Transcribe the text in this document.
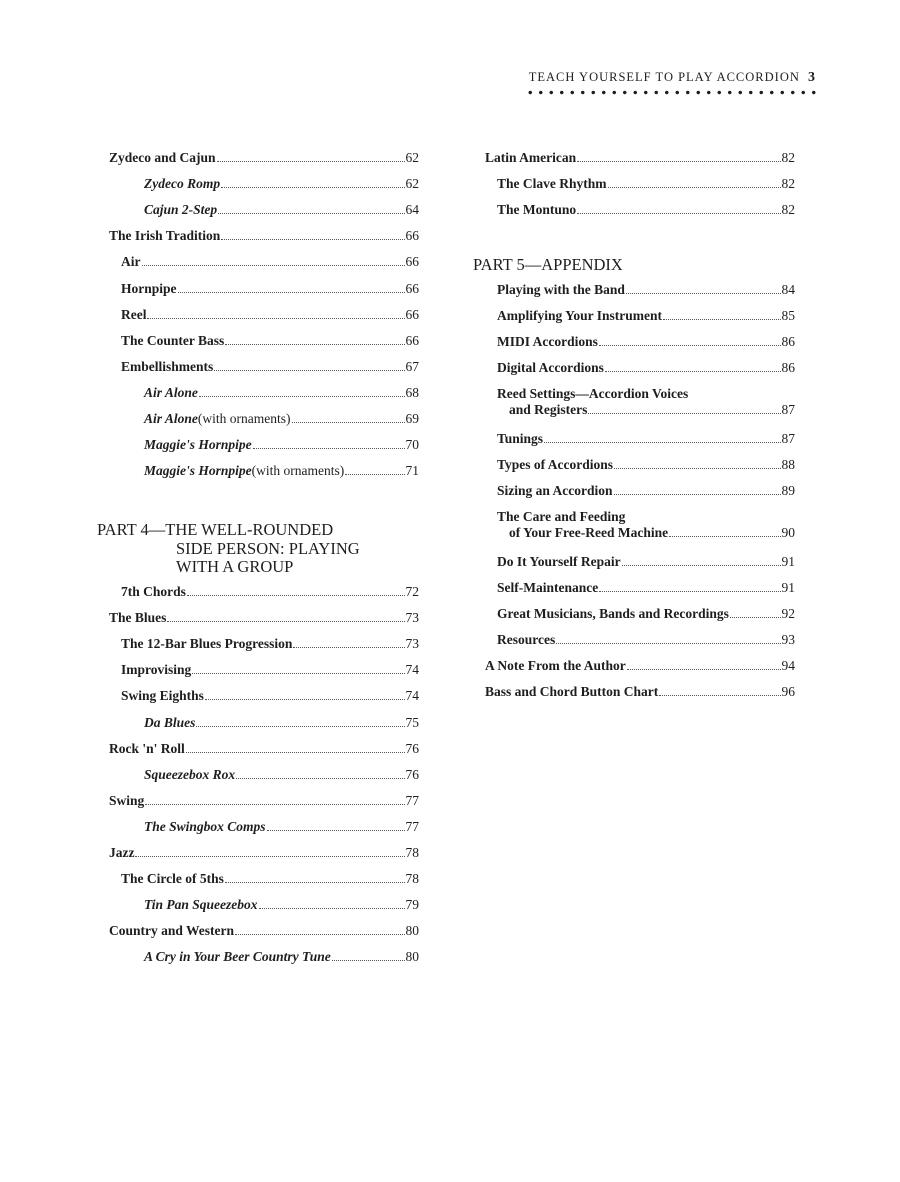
TEACH YOURSELF TO PLAY ACCORDION 3
Zydeco and Cajun	62
Zydeco Romp	62
Cajun 2-Step	64
The Irish Tradition	66
Air	66
Hornpipe	66
Reel	66
The Counter Bass	66
Embellishments	67
Air Alone	68
Air Alone (with ornaments)	69
Maggie's Hornpipe	70
Maggie's Hornpipe (with ornaments)	71
PART 4—THE WELL-ROUNDED
SIDE PERSON: PLAYING
WITH A GROUP
7th Chords	72
The Blues	73
The 12-Bar Blues Progression	73
Improvising	74
Swing Eighths	74
Da Blues	75
Rock 'n' Roll	76
Squeezebox Rox	76
Swing	77
The Swingbox Comps	77
Jazz	78
The Circle of 5ths	78
Tin Pan Squeezebox	79
Country and Western	80
A Cry in Your Beer Country Tune	80
Latin American	82
The Clave Rhythm	82
The Montuno	82
PART 5—APPENDIX
Playing with the Band	84
Amplifying Your Instrument	85
MIDI Accordions	86
Digital Accordions	86
Reed Settings—Accordion Voices
and Registers	87
Tunings	87
Types of Accordions	88
Sizing an Accordion	89
The Care and Feeding
of Your Free-Reed Machine	90
Do It Yourself Repair	91
Self-Maintenance	91
Great Musicians, Bands and Recordings	92
Resources	93
A Note From the Author	94
Bass and Chord Button Chart	96
